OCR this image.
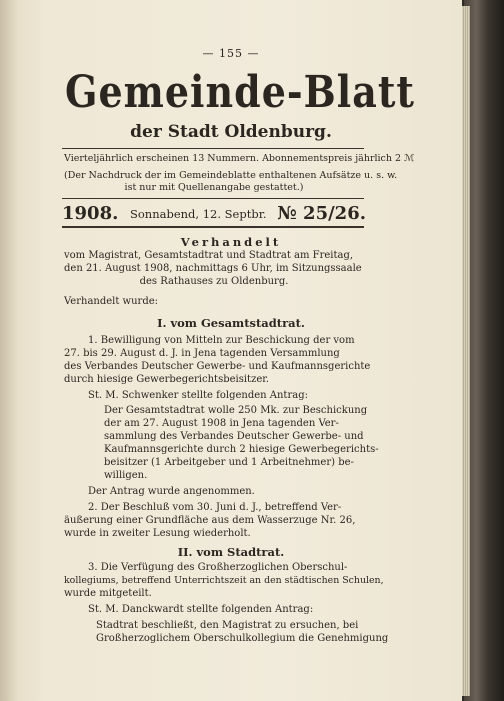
— 155 —
Gemeinde-Blatt
der Stadt Oldenburg.
Vierteljährlich erscheinen 13 Nummern. Abonnementspreis jährlich 2 ℳ
(Der Nachdruck der im Gemeindeblatte enthaltenen Aufsätze u. s. w.
ist nur mit Quellenangabe gestattet.)
1908. Sonnabend, 12. Septbr. № 25/26.
Verhandelt
vom Magistrat, Gesamtstadtrat und Stadtrat am Freitag,
den 21. August 1908, nachmittags 6 Uhr, im Sitzungssaale
des Rathauses zu Oldenburg.
Verhandelt wurde:
I. vom Gesamtstadtrat.
1. Bewilligung von Mitteln zur Beschickung der vom
27. bis 29. August d. J. in Jena tagenden Versammlung
des Verbandes Deutscher Gewerbe- und Kaufmannsgerichte
durch hiesige Gewerbegerichtsbeisitzer.
St. M. Schwenker stellte folgenden Antrag:
Der Gesamtstadtrat wolle 250 Mk. zur Beschickung
der am 27. August 1908 in Jena tagenden Ver-
sammlung des Verbandes Deutscher Gewerbe- und
Kaufmannsgerichte durch 2 hiesige Gewerbegerichts-
beisitzer (1 Arbeitgeber und 1 Arbeitnehmer) be-
willigen.
Der Antrag wurde angenommen.
2. Der Beschluß vom 30. Juni d. J., betreffend Ver-
äußerung einer Grundfläche aus dem Wasserzuge Nr. 26,
wurde in zweiter Lesung wiederholt.
II. vom Stadtrat.
3. Die Verfügung des Großherzoglichen Oberschul-
kollegiums, betreffend Unterrichtszeit an den städtischen Schulen,
wurde mitgeteilt.
St. M. Danckwardt stellte folgenden Antrag:
Stadtrat beschließt, den Magistrat zu ersuchen, bei
Großherzoglichem Oberschulkollegium die Genehmigung
